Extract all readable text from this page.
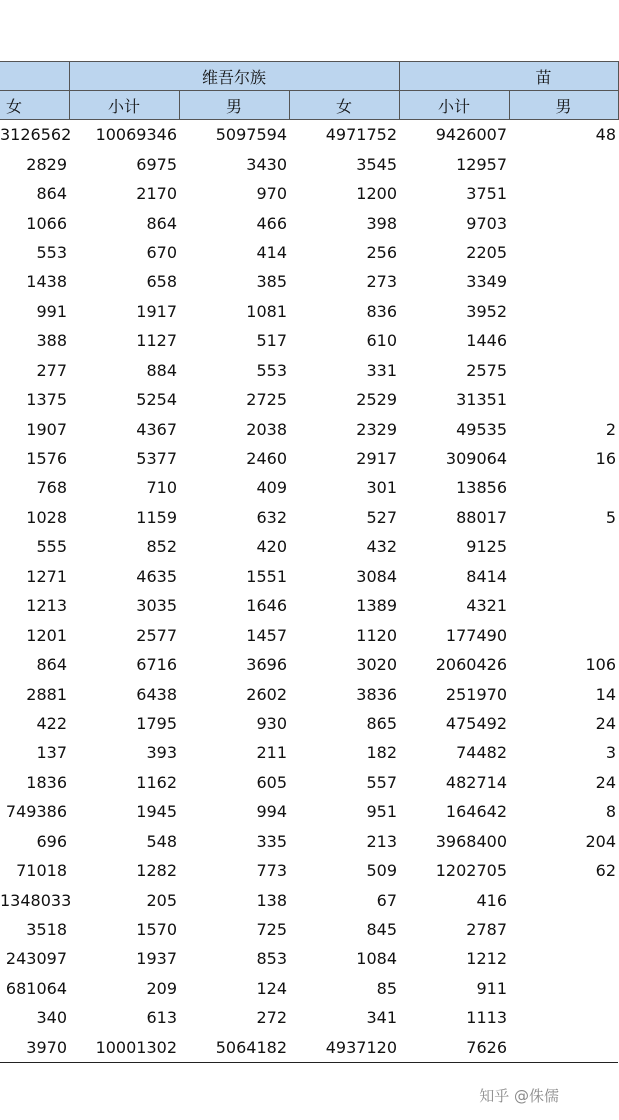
	维吾尔族			苗	
女	小计	男	女	小计	男
3126562	10069346	5097594	4971752	9426007	48
2829	6975	3430	3545	12957	
864	2170	970	1200	3751	
1066	864	466	398	9703	
553	670	414	256	2205	
1438	658	385	273	3349	
991	1917	1081	836	3952	
388	1127	517	610	1446	
277	884	553	331	2575	
1375	5254	2725	2529	31351	
1907	4367	2038	2329	49535	2
1576	5377	2460	2917	309064	16
768	710	409	301	13856	
1028	1159	632	527	88017	5
555	852	420	432	9125	
1271	4635	1551	3084	8414	
1213	3035	1646	1389	4321	
1201	2577	1457	1120	177490	
864	6716	3696	3020	2060426	106
2881	6438	2602	3836	251970	14
422	1795	930	865	475492	24
137	393	211	182	74482	3
1836	1162	605	557	482714	24
749386	1945	994	951	164642	8
696	548	335	213	3968400	204
71018	1282	773	509	1202705	62
1348033	205	138	67	416	
3518	1570	725	845	2787	
243097	1937	853	1084	1212	
681064	209	124	85	911	
340	613	272	341	1113	
3970	10001302	5064182	4937120	7626	
知乎 @侏儒
